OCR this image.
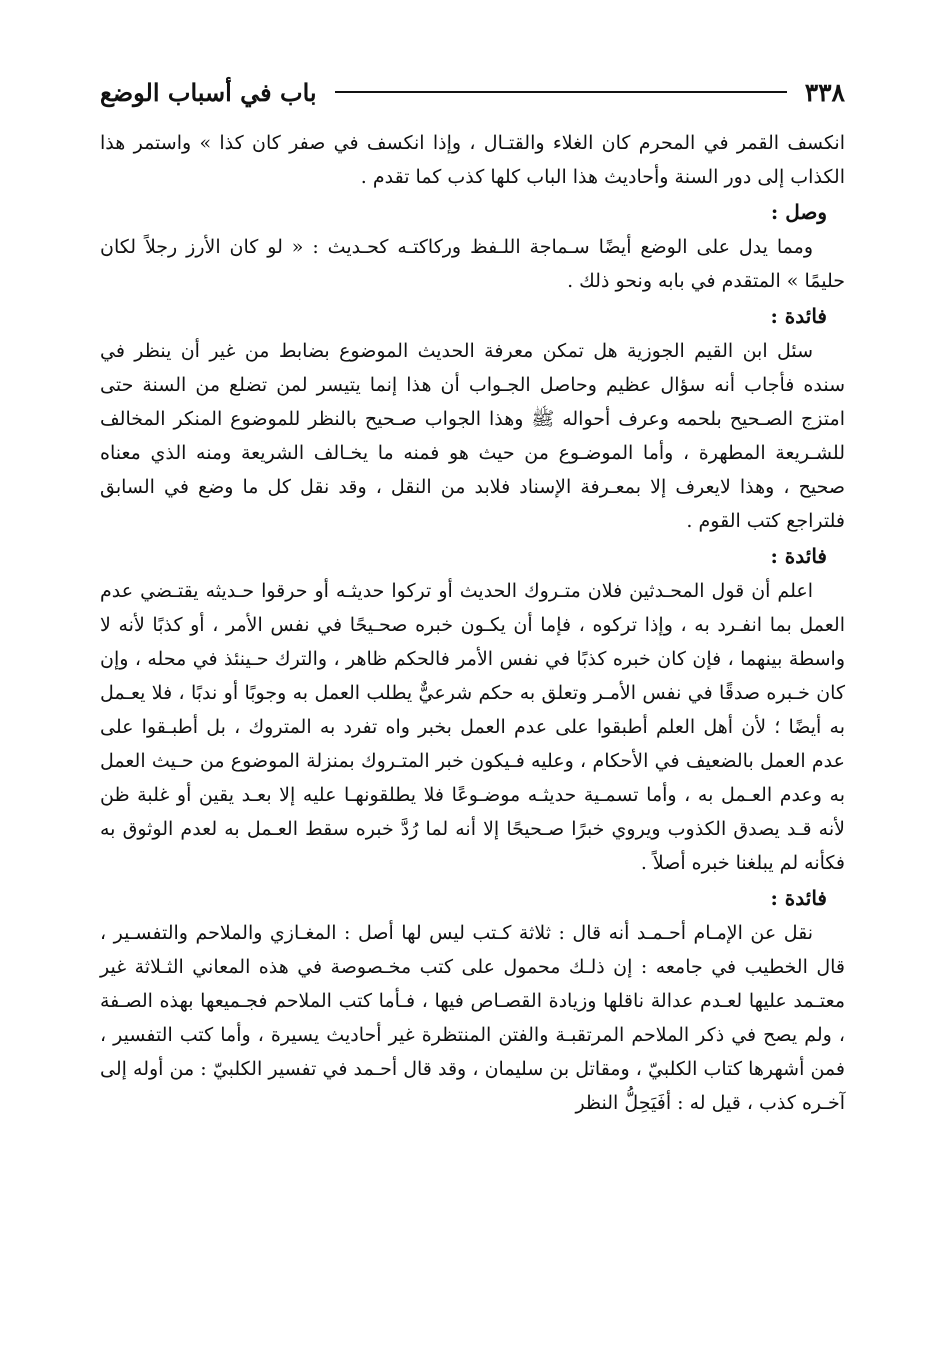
٣٣٨
باب في أسباب الوضع

انكسف القمر في المحرم كان الغلاء والقتـال ، وإذا انكسف في صفر كان كذا » واستمر هذا الكذاب إلى دور السنة وأحاديث هذا الباب كلها كذب كما تقدم .

وصل :

ومما يدل على الوضع أيضًا سـماجة اللـفظ وركاكتـه كحـديث : « لو كان الأرز رجلاً لكان حليمًا » المتقدم في بابه ونحو ذلك .

فائدة :

سئل ابن القيم الجوزية هل تمكن معرفة الحديث الموضوع بضابط من غير أن ينظر في سنده فأجاب أنه سؤال عظيم وحاصل الجـواب أن هذا إنما يتيسر لمن تضلع من السنة حتى امتزج الصـحيح بلحمه وعرف أحواله ﷺ وهذا الجواب صـحيح بالنظر للموضوع المنكر المخالف للشـريعة المطهرة ، وأما الموضـوع من حيث هو فمنه ما يخـالف الشريعة ومنه الذي معناه صحيح ، وهذا لايعرف إلا بمعـرفة الإسناد فلابد من النقل ، وقد نقل كل ما وضع في السابق فلتراجع كتب القوم .

فائدة :

اعلم أن قول المحـدثين فلان متـروك الحديث أو تركوا حديثـه أو حرقوا حـديثه يقتـضي عدم العمل بما انفـرد به ، وإذا تركوه ، فإما أن يكـون خبره صحـيحًا في نفس الأمر ، أو كذبًا لأنه لا واسطة بينهما ، فإن كان خبره كذبًا في نفس الأمر فالحكم ظاهر ، والترك حـينئذ في محله ، وإن كان خـبره صدقًا في نفس الأمـر وتعلق به حكم شرعيٌّ يطلب العمل به وجوبًا أو ندبًا ، فلا يعـمل به أيضًا ؛ لأن أهل العلم أطبقوا على عدم العمل بخبر واه تفرد به المتروك ، بل أطبـقوا على عدم العمل بالضعيف في الأحكام ، وعليه فـيكون خبر المتـروك بمنزلة الموضوع من حـيث العمل به وعدم العـمل به ، وأما تسمـية حديثـه موضـوعًا فلا يطلقونهـا عليه إلا بعـد يقين أو غلبة ظن لأنه قـد يصدق الكذوب ويروي خبرًا صـحيحًا إلا أنه لما رُدَّ خبره سقط العـمل به لعدم الوثوق به فكأنه لم يبلغنا خبره أصلاً .

فائدة :

نقل عن الإمـام أحـمـد أنه قال : ثلاثة كـتب ليس لها أصل : المغـازي والملاحم والتفسـير ، قال الخطيب في جامعه : إن ذلـك محمول على كتب مخـصوصة في هذه المعاني الثـلاثة غير معتـمد عليها لعـدم عدالة ناقلها وزيادة القصـاص فيها ، فـأما كتب الملاحم فجـميعها بهذه الصـفة ، ولم يصح في ذكر الملاحم المرتقبـة والفتن المنتظرة غير أحاديث يسيرة ، وأما كتب التفسير ، فمن أشهرها كتاب الكلبيّ ، ومقاتل بن سليمان ، وقد قال أحـمد في تفسير الكلبيّ : من أوله إلى آخـره كذب ، قيل له : أفَيَحِلُّ النظر
